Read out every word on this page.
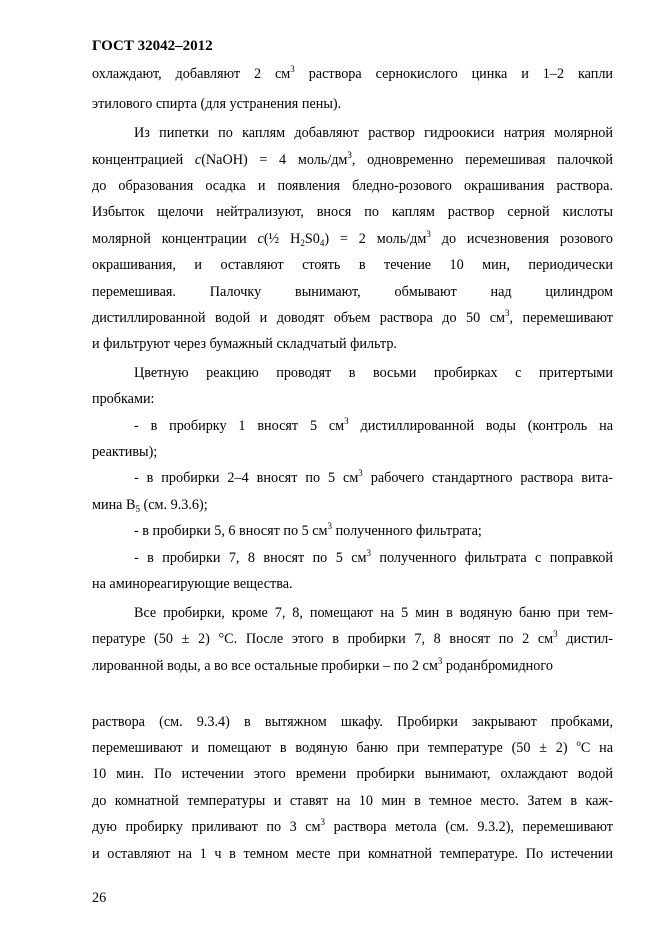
ГОСТ 32042–2012
охлаждают, добавляют 2 $см^3$ раствора сернокислого цинка и 1–2 капли
этилового спирта (для устранения пены).
Из пипетки по каплям добавляют раствор гидроокиси натрия молярной
концентрацией c(NaOH) = 4 моль/$дм^3$, одновременно перемешивая палочкой
до образования осадка и появления бледно-розового окрашивания раствора.
Избыток щелочи нейтрализуют, внося по каплям раствор серной кислоты
молярной концентрации c(½ $H_2S0_4) = 2$ моль/$дм^3$ до исчезновения розового
окрашивания, и оставляют стоять в течение 10 мин, периодически
перемешивая. Палочку вынимают, обмывают над цилиндром
дистиллированной водой и доводят объем раствора до 50 $см^3$, перемешивают
и фильтруют через бумажный складчатый фильтр.
Цветную реакцию проводят в восьми пробирках с притертыми
пробками:
- в пробирку 1 вносят 5 $см^3$ дистиллированной воды (контроль на
реактивы);
- в пробирки 2–4 вносят по 5 $см^3$ рабочего стандартного раствора вита-
мина $B_5$ (см. 9.3.6);
- в пробирки 5, 6 вносят по 5 $см^3$ полученного фильтрата;
- в пробирки 7, 8 вносят по 5 $см^3$ полученного фильтрата с поправкой
на аминореагирующие вещества.
Все пробирки, кроме 7, 8, помещают на 5 мин в водяную баню при тем-
пературе (50 ± 2) °С. После этого в пробирки 7, 8 вносят по 2 $см^3$ дистил-
лированной воды, а во все остальные пробирки – по 2 $см^3$ роданбромидного
раствора (см. 9.3.4) в вытяжном шкафу. Пробирки закрывают пробками,
перемешивают и помещают в водяную баню при температуре (50 ± 2) $^о$С на
10 мин. По истечении этого времени пробирки вынимают, охлаждают водой
до комнатной температуры и ставят на 10 мин в темное место. Затем в каж-
дую пробирку приливают по 3 $см^3$ раствора метола (см. 9.3.2), перемешивают
и оставляют на 1 ч в темном месте при комнатной температуре. По истечении
26
